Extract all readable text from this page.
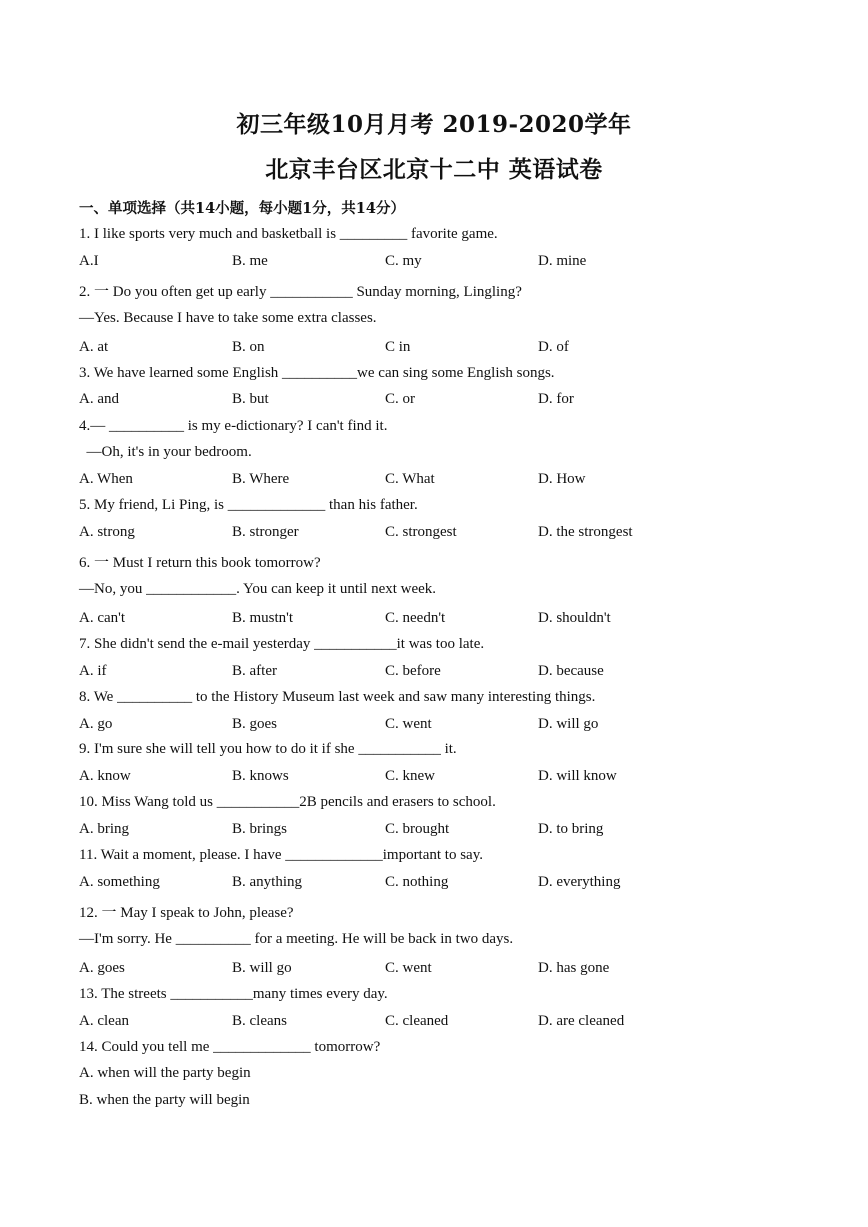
初三年级10月月考 2019-2020学年
北京丰台区北京十二中 英语试卷
一、单项选择（共14小题，每小题1分，共14分）
1. I like sports very much and basketball is _________ favorite game.
2. 一 Do you often get up early ___________ Sunday morning, Lingling?
—Yes. Because I have to take some extra classes.
3. We have learned some English __________we can sing some English songs.
4.— __________ is my e-dictionary? I can't find it.
—Oh, it's in your bedroom.
5. My friend, Li Ping, is _____________ than his father.
6. 一 Must I return this book tomorrow?
—No, you ____________. You can keep it until next week.
7. She didn't send the e-mail yesterday ___________it was too late.
8. We __________ to the History Museum last week and saw many interesting things.
9. I'm sure she will tell you how to do it if she ___________ it.
10. Miss Wang told us ___________2B pencils and erasers to school.
11. Wait a moment, please. I have _____________important to say.
12. 一 May I speak to John, please?
—I'm sorry. He __________ for a meeting. He will be back in two days.
13. The streets ___________many times every day.
14. Could you tell me _____________ tomorrow?
A. when will the party begin
B. when the party will begin
A.I	B. me	C. my	D. mine
A. at	B. on	C in	D. of
A. and	B. but	C. or	D. for
A. When	B. Where	C. What	D. How
A. strong	B. stronger	C. strongest	D. the strongest
A. can't	B. mustn't	C. needn't	D. shouldn't
A. if	B. after	C. before	D. because
A. go	B. goes	C. went	D. will go
A. know	B. knows	C. knew	D. will know
A. bring	B. brings	C. brought	D. to bring
A. something	B. anything	C. nothing	D. everything
A. goes	B. will go	C. went	D. has gone
A. clean	B. cleans	C. cleaned	D. are cleaned
